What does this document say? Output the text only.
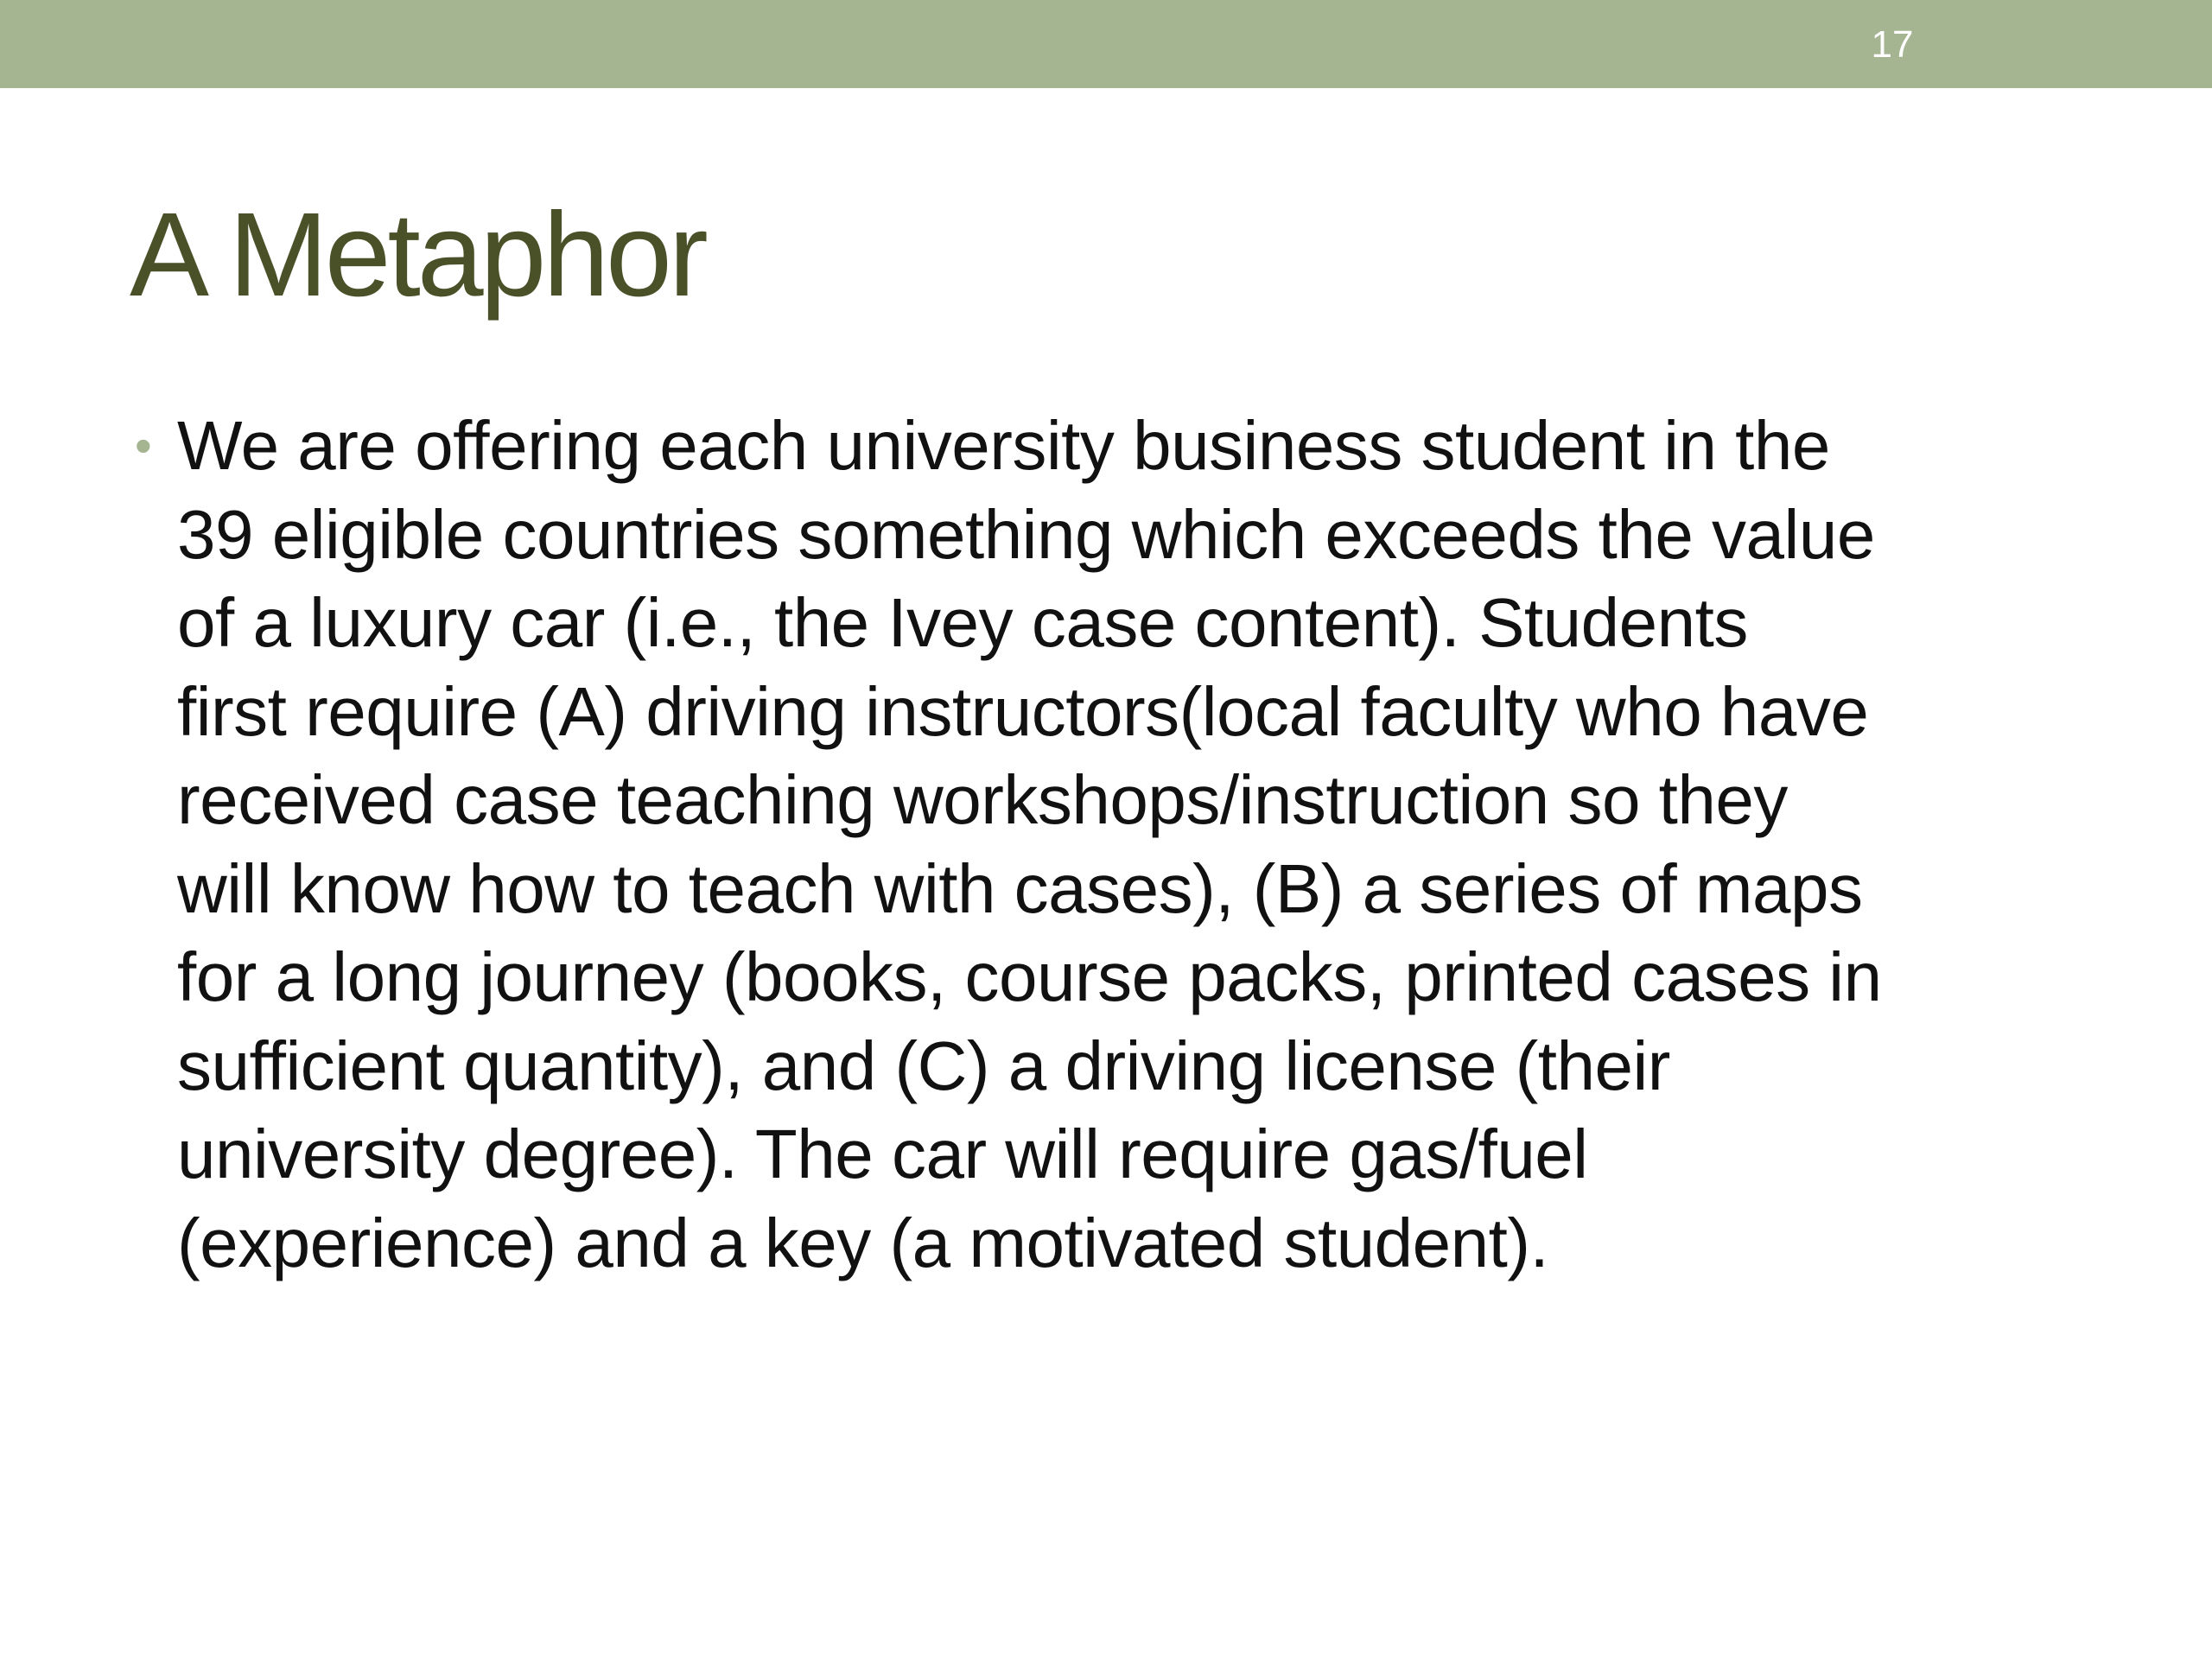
17
A Metaphor
• We are offering each university business student in the
39 eligible countries something which exceeds the value
of a luxury car (i.e., the Ivey case content). Students
first require (A) driving instructors(local faculty who have
received case teaching workshops/instruction so they
will know how to teach with cases), (B) a series of maps
for a long journey (books, course packs, printed cases in
sufficient quantity), and (C) a driving license (their
university degree). The car will require gas/fuel
(experience) and a key (a motivated student).
